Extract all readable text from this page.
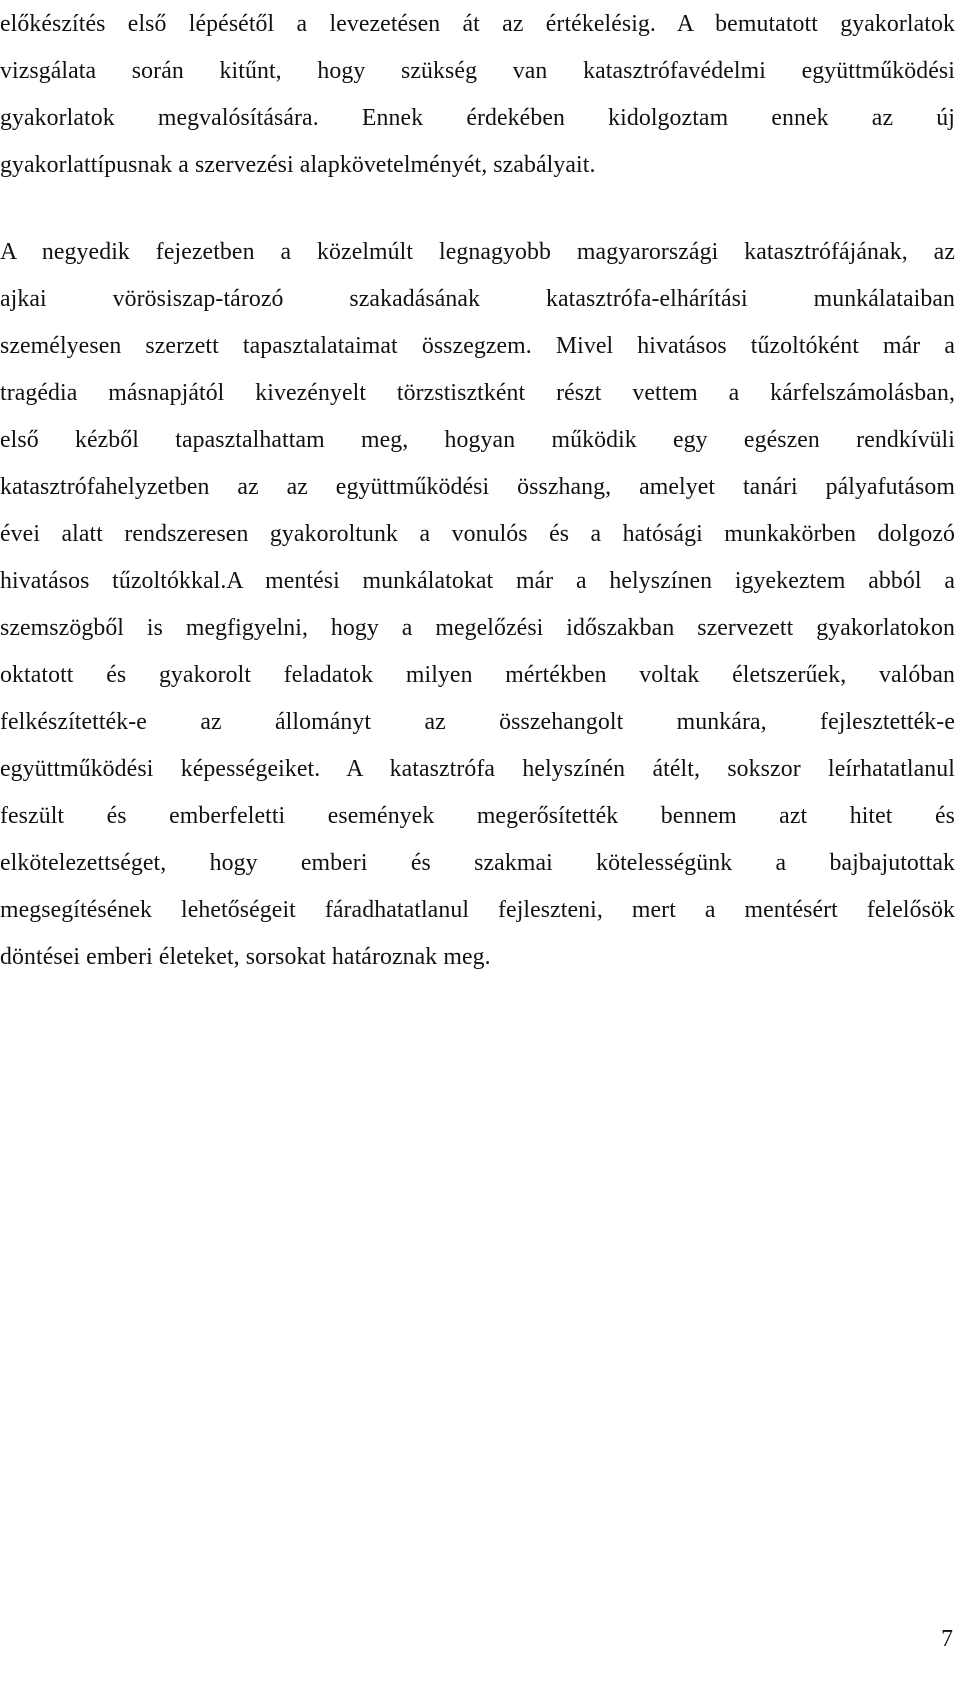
előkészítés első lépésétől a levezetésen át az értékelésig. A bemutatott gyakorlatok
vizsgálata során kitűnt, hogy szükség van katasztrófavédelmi együttműködési
gyakorlatok megvalósítására. Ennek érdekében kidolgoztam ennek az új
gyakorlattípusnak a szervezési alapkövetelményét, szabályait.
A negyedik fejezetben a közelmúlt legnagyobb magyarországi katasztrófájának, az
ajkai vörösiszap-tározó szakadásának katasztrófa-elhárítási munkálataiban
személyesen szerzett tapasztalataimat összegzem. Mivel hivatásos tűzoltóként már a
tragédia másnapjától kivezényelt törzstisztként részt vettem a kárfelszámolásban,
első kézből tapasztalhattam meg, hogyan működik egy egészen rendkívüli
katasztrófahelyzetben az az együttműködési összhang, amelyet tanári pályafutásom
évei alatt rendszeresen gyakoroltunk a vonulós és a hatósági munkakörben dolgozó
hivatásos tűzoltókkal.A mentési munkálatokat már a helyszínen igyekeztem abból a
szemszögből is megfigyelni, hogy a megelőzési időszakban szervezett gyakorlatokon
oktatott és gyakorolt feladatok milyen mértékben voltak életszerűek, valóban
felkészítették-e az állományt az összehangolt munkára, fejlesztették-e
együttműködési képességeiket. A katasztrófa helyszínén átélt, sokszor leírhatatlanul
feszült és emberfeletti események megerősítették bennem azt hitet és
elkötelezettséget, hogy emberi és szakmai kötelességünk a bajbajutottak
megsegítésének lehetőségeit fáradhatatlanul fejleszteni, mert a mentésért felelősök
döntései emberi életeket, sorsokat határoznak meg.
7
